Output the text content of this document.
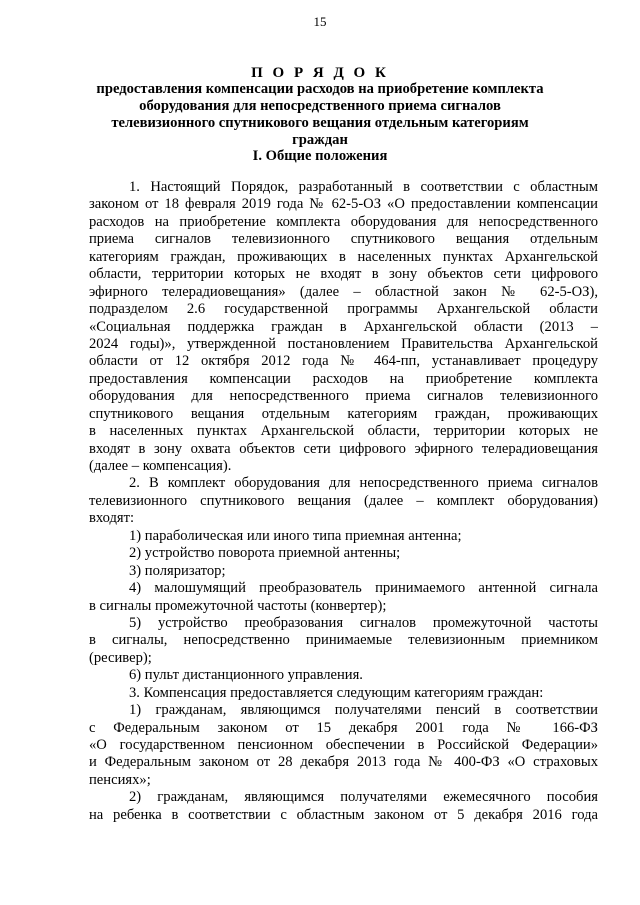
15
П О Р Я Д О К
предоставления компенсации расходов на приобретение комплекта оборудования для непосредственного приема сигналов телевизионного спутникового вещания отдельным категориям граждан
I. Общие положения
1. Настоящий Порядок, разработанный в соответствии с областным
законом от 18 февраля 2019 года № 62-5-ОЗ «О предоставлении компенсации
расходов на приобретение комплекта оборудования для непосредственного
приема сигналов телевизионного спутникового вещания отдельным
категориям граждан, проживающих в населенных пунктах Архангельской
области, территории которых не входят в зону объектов сети цифрового
эфирного телерадиовещания» (далее – областной закон № 62-5-ОЗ),
подразделом 2.6 государственной программы Архангельской области
«Социальная поддержка граждан в Архангельской области (2013 –
2024 годы)», утвержденной постановлением Правительства Архангельской
области от 12 октября 2012 года № 464-пп, устанавливает процедуру
предоставления компенсации расходов на приобретение комплекта
оборудования для непосредственного приема сигналов телевизионного
спутникового вещания отдельным категориям граждан, проживающих
в населенных пунктах Архангельской области, территории которых не
входят в зону охвата объектов сети цифрового эфирного телерадиовещания
(далее – компенсация).
2. В комплект оборудования для непосредственного приема сигналов
телевизионного спутникового вещания (далее – комплект оборудования)
входят:
1) параболическая или иного типа приемная антенна;
2) устройство поворота приемной антенны;
3) поляризатор;
4) малошумящий преобразователь принимаемого антенной сигнала
в сигналы промежуточной частоты (конвертер);
5) устройство преобразования сигналов промежуточной частоты
в сигналы, непосредственно принимаемые телевизионным приемником
(ресивер);
6) пульт дистанционного управления.
3. Компенсация предоставляется следующим категориям граждан:
1) гражданам, являющимся получателями пенсий в соответствии
с Федеральным законом от 15 декабря 2001 года № 166-ФЗ
«О государственном пенсионном обеспечении в Российской Федерации»
и Федеральным законом от 28 декабря 2013 года № 400-ФЗ «О страховых
пенсиях»;
2) гражданам, являющимся получателями ежемесячного пособия
на ребенка в соответствии с областным законом от 5 декабря 2016 года
